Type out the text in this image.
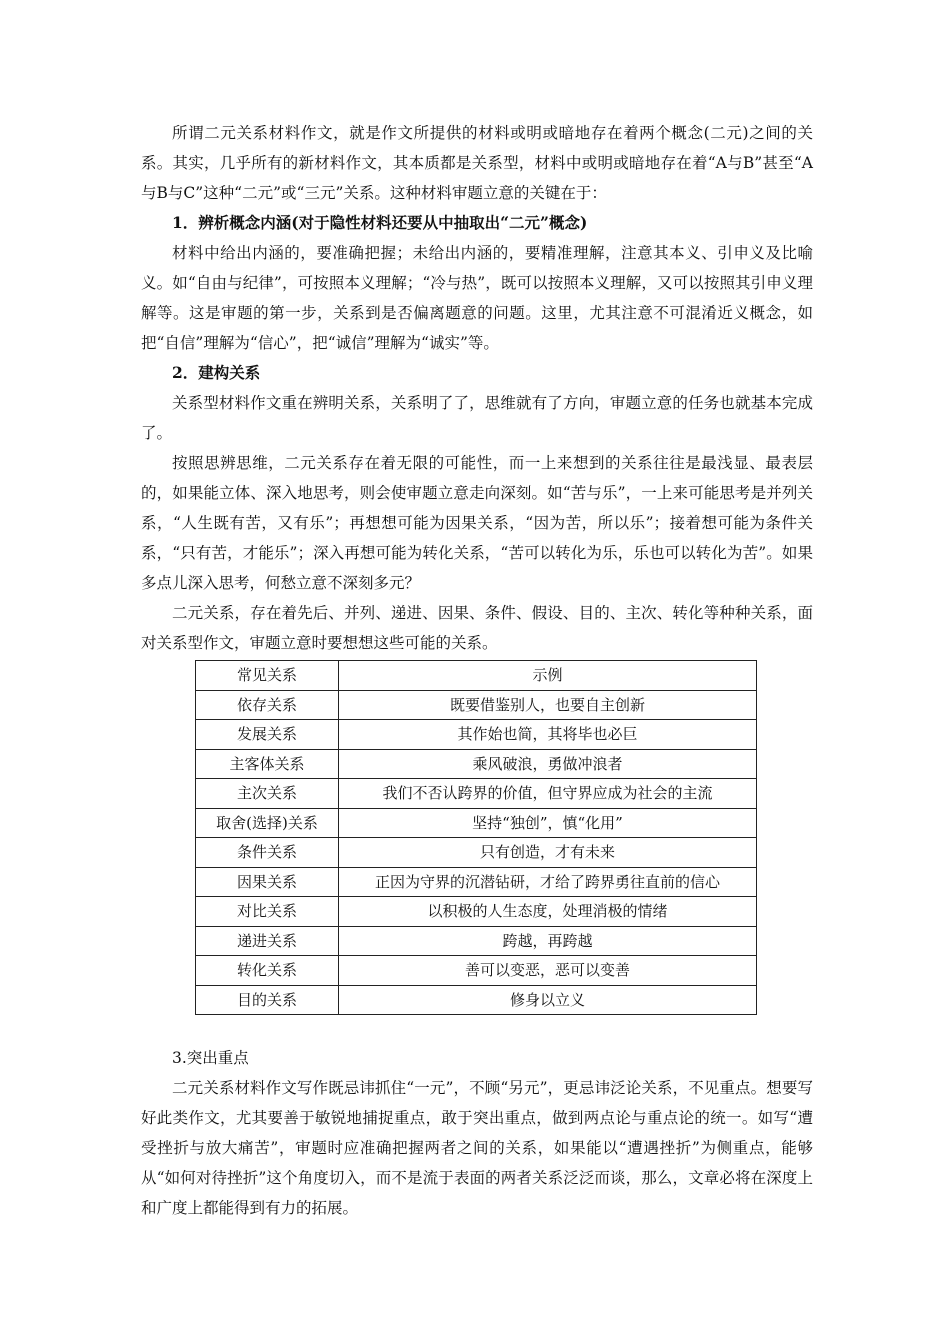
所谓二元关系材料作文，就是作文所提供的材料或明或暗地存在着两个概念(二元)之间的关系。其实，几乎所有的新材料作文，其本质都是关系型，材料中或明或暗地存在着“A与B”甚至“A与B与C”这种“二元”或“三元”关系。这种材料审题立意的关键在于：

1．辨析概念内涵(对于隐性材料还要从中抽取出“二元”概念)

材料中给出内涵的，要准确把握；未给出内涵的，要精准理解，注意其本义、引申义及比喻义。如“自由与纪律”，可按照本义理解；“冷与热”，既可以按照本义理解，又可以按照其引申义理解等。这是审题的第一步，关系到是否偏离题意的问题。这里，尤其注意不可混淆近义概念，如把“自信”理解为“信心”，把“诚信”理解为“诚实”等。

2．建构关系

关系型材料作文重在辨明关系，关系明了了，思维就有了方向，审题立意的任务也就基本完成了。

按照思辨思维，二元关系存在着无限的可能性，而一上来想到的关系往往是最浅显、最表层的，如果能立体、深入地思考，则会使审题立意走向深刻。如“苦与乐”，一上来可能思考是并列关系，“人生既有苦，又有乐”；再想想可能为因果关系，“因为苦，所以乐”；接着想可能为条件关系，“只有苦，才能乐”；深入再想可能为转化关系，“苦可以转化为乐，乐也可以转化为苦”。如果多点儿深入思考，何愁立意不深刻多元？

二元关系，存在着先后、并列、递进、因果、条件、假设、目的、主次、转化等种种关系，面对关系型作文，审题立意时要想想这些可能的关系。

常见关系	示例
依存关系	既要借鉴别人，也要自主创新
发展关系	其作始也简，其将毕也必巨
主客体关系	乘风破浪，勇做冲浪者
主次关系	我们不否认跨界的价值，但守界应成为社会的主流
取舍(选择)关系	坚持“独创”，慎“化用”
条件关系	只有创造，才有未来
因果关系	正因为守界的沉潜钻研，才给了跨界勇往直前的信心
对比关系	以积极的人生态度，处理消极的情绪
递进关系	跨越，再跨越
转化关系	善可以变恶，恶可以变善
目的关系	修身以立义

3.突出重点

二元关系材料作文写作既忌讳抓住“一元”，不顾“另元”，更忌讳泛论关系，不见重点。想要写好此类作文，尤其要善于敏锐地捕捉重点，敢于突出重点，做到两点论与重点论的统一。如写“遭受挫折与放大痛苦”，审题时应准确把握两者之间的关系，如果能以“遭遇挫折”为侧重点，能够从“如何对待挫折”这个角度切入，而不是流于表面的两者关系泛泛而谈，那么，文章必将在深度上和广度上都能得到有力的拓展。
